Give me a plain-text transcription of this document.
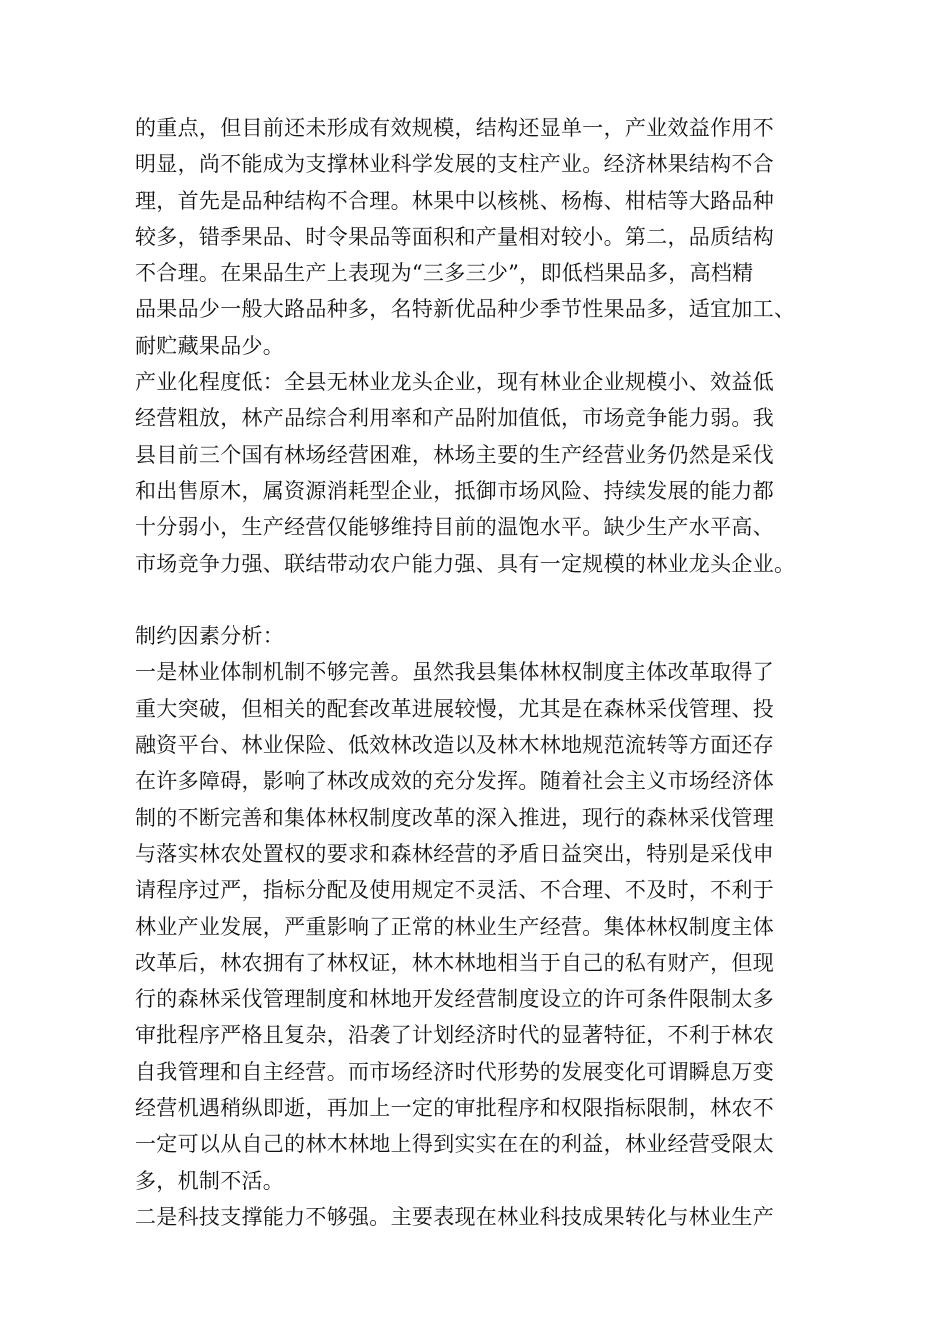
的重点，但目前还未形成有效规模，结构还显单一，产业效益作用不
明显，尚不能成为支撑林业科学发展的支柱产业。经济林果结构不合
理，首先是品种结构不合理。林果中以核桃、杨梅、柑桔等大路品种
较多，错季果品、时令果品等面积和产量相对较小。第二，品质结构
不合理。在果品生产上表现为“三多三少”，即低档果品多，高档精
品果品少一般大路品种多，名特新优品种少季节性果品多，适宜加工、
耐贮藏果品少。
产业化程度低：全县无林业龙头企业，现有林业企业规模小、效益低
经营粗放，林产品综合利用率和产品附加值低，市场竞争能力弱。我
县目前三个国有林场经营困难，林场主要的生产经营业务仍然是采伐
和出售原木，属资源消耗型企业，抵御市场风险、持续发展的能力都
十分弱小，生产经营仅能够维持目前的温饱水平。缺少生产水平高、
市场竞争力强、联结带动农户能力强、具有一定规模的林业龙头企业。
制约因素分析：
一是林业体制机制不够完善。虽然我县集体林权制度主体改革取得了
重大突破，但相关的配套改革进展较慢，尤其是在森林采伐管理、投
融资平台、林业保险、低效林改造以及林木林地规范流转等方面还存
在许多障碍，影响了林改成效的充分发挥。随着社会主义市场经济体
制的不断完善和集体林权制度改革的深入推进，现行的森林采伐管理
与落实林农处置权的要求和森林经营的矛盾日益突出，特别是采伐申
请程序过严，指标分配及使用规定不灵活、不合理、不及时，不利于
林业产业发展，严重影响了正常的林业生产经营。集体林权制度主体
改革后，林农拥有了林权证，林木林地相当于自己的私有财产，但现
行的森林采伐管理制度和林地开发经营制度设立的许可条件限制太多
审批程序严格且复杂，沿袭了计划经济时代的显著特征，不利于林农
自我管理和自主经营。而市场经济时代形势的发展变化可谓瞬息万变
经营机遇稍纵即逝，再加上一定的审批程序和权限指标限制，林农不
一定可以从自己的林木林地上得到实实在在的利益，林业经营受限太
多，机制不活。
二是科技支撑能力不够强。主要表现在林业科技成果转化与林业生产
